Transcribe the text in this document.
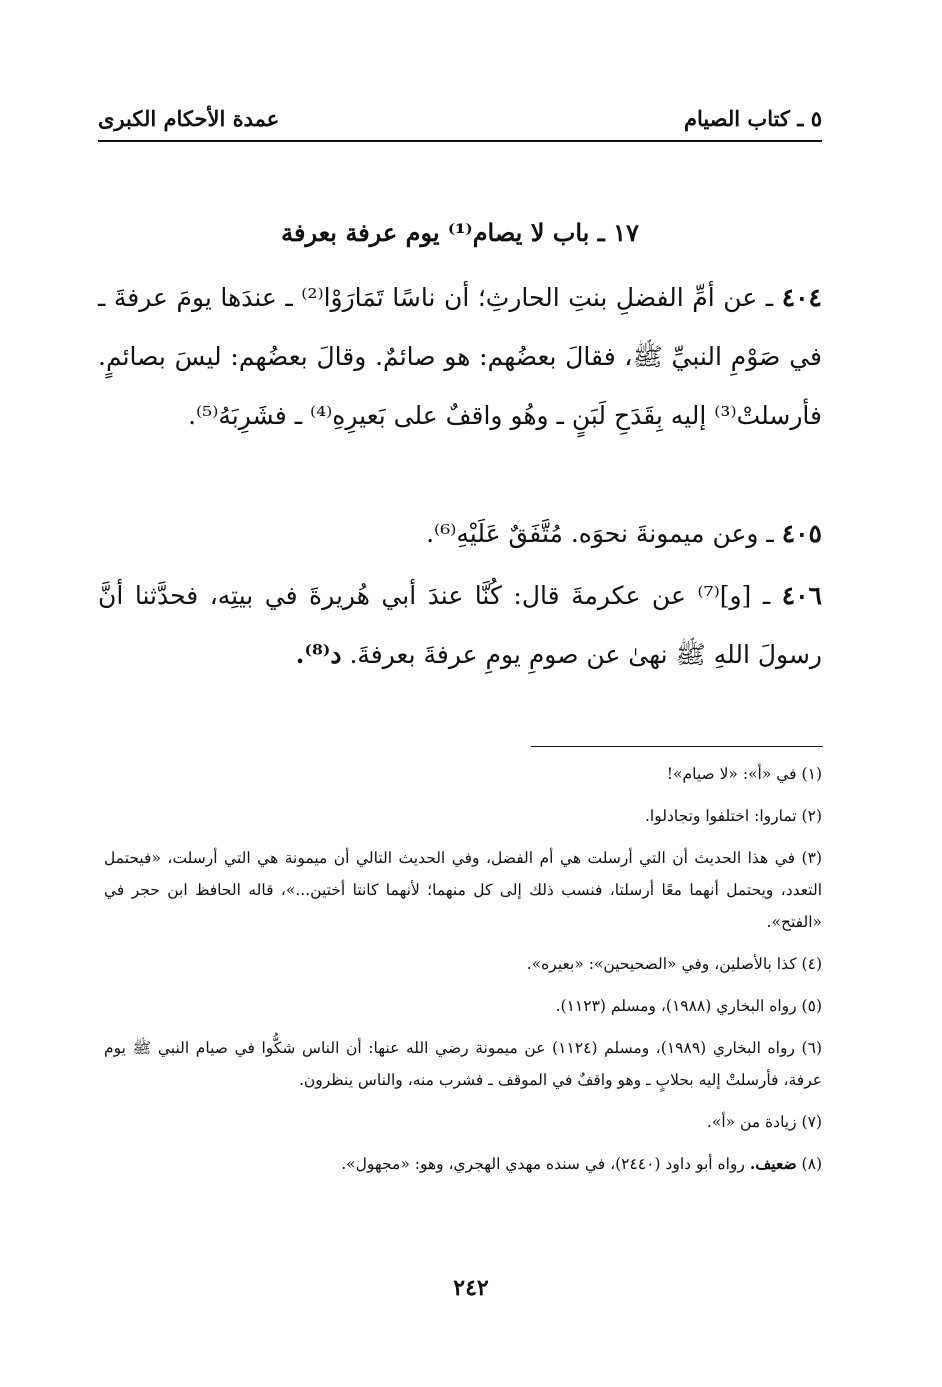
٥ ـ كتاب الصيام
عمدة الأحكام الكبرى
١٧ ـ باب لا يصام⁽¹⁾ يوم عرفة بعرفة

٤٠٤ ـ عن أمِّ الفضلِ بنتِ الحارثِ؛ أن ناسًا تَمَارَوْا⁽²⁾ ـ عندَها يومَ عرفةَ ـ في صَوْمِ النبيِّ ﷺ، فقالَ بعضُهم: هو صائمٌ. وقالَ بعضُهم: ليسَ بصائمٍ. فأرسلتْ⁽³⁾ إليه بِقَدَحِ لَبَنٍ ـ وهُو واقفٌ على بَعيرِهِ⁽⁴⁾ ـ فشَرِبَهُ⁽⁵⁾.

٤٠٥ ـ وعن ميمونةَ نحوَه. مُتَّفَقٌ عَلَيْهِ⁽⁶⁾.

٤٠٦ ـ [و]⁽⁷⁾ عن عكرمةَ قال: كُنَّا عندَ أبي هُريرةَ في بيتِه، فحدَّثنا أنَّ رسولَ اللهِ ﷺ نهىٰ عن صومِ يومِ عرفةَ بعرفةَ. د⁽⁸⁾.

(١) في «أ»: «لا صيام»!

(٢) تماروا: اختلفوا وتجادلوا.

(٣) في هذا الحديث أن التي أرسلت هي أم الفضل، وفي الحديث التالي أن ميمونة هي التي أرسلت، «فيحتمل التعدد، ويحتمل أنهما معًا أرسلتا، فنسب ذلك إلى كل منهما؛ لأنهما كانتا أختين...»، قاله الحافظ ابن حجر في «الفتح».

(٤) كذا بالأصلين، وفي «الصحيحين»: «بعيره».

(٥) رواه البخاري (١٩٨٨)، ومسلم (١١٢٣).

(٦) رواه البخاري (١٩٨٩)، ومسلم (١١٢٤) عن ميمونة رضي الله عنها: أن الناس شكُّوا في صيام النبي ﷺ يوم عرفة، فأرسلتْ إليه بحلابٍ ـ وهو واقفٌ في الموقف ـ فشرب منه، والناس ينظرون.

(٧) زيادة من «أ».

(٨) ضعيف. رواه أبو داود (٢٤٤٠)، في سنده مهدي الهجري، وهو: «مجهول».

٢٤٢
